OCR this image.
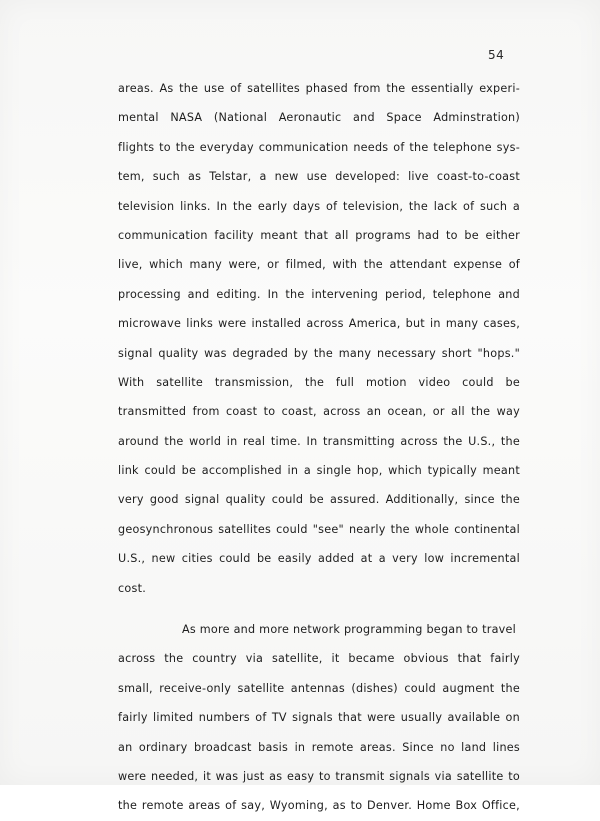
54
areas. As the use of satellites phased from the essentially experi-
mental NASA (National Aeronautic and Space Adminstration)
flights to the everyday communication needs of the telephone sys-
tem, such as Telstar, a new use developed: live coast-to-coast
television links. In the early days of television, the lack of such a
communication facility meant that all programs had to be either
live, which many were, or filmed, with the attendant expense of
processing and editing. In the intervening period, telephone and
microwave links were installed across America, but in many cases,
signal quality was degraded by the many necessary short "hops."
With satellite transmission, the full motion video could be
transmitted from coast to coast, across an ocean, or all the way
around the world in real time. In transmitting across the U.S., the
link could be accomplished in a single hop, which typically meant
very good signal quality could be assured. Additionally, since the
geosynchronous satellites could "see" nearly the whole continental
U.S., new cities could be easily added at a very low incremental
cost.
As more and more network programming began to travel
across the country via satellite, it became obvious that fairly
small, receive-only satellite antennas (dishes) could augment the
fairly limited numbers of TV signals that were usually available on
an ordinary broadcast basis in remote areas. Since no land lines
were needed, it was just as easy to transmit signals via satellite to
the remote areas of say, Wyoming, as to Denver. Home Box Office,
